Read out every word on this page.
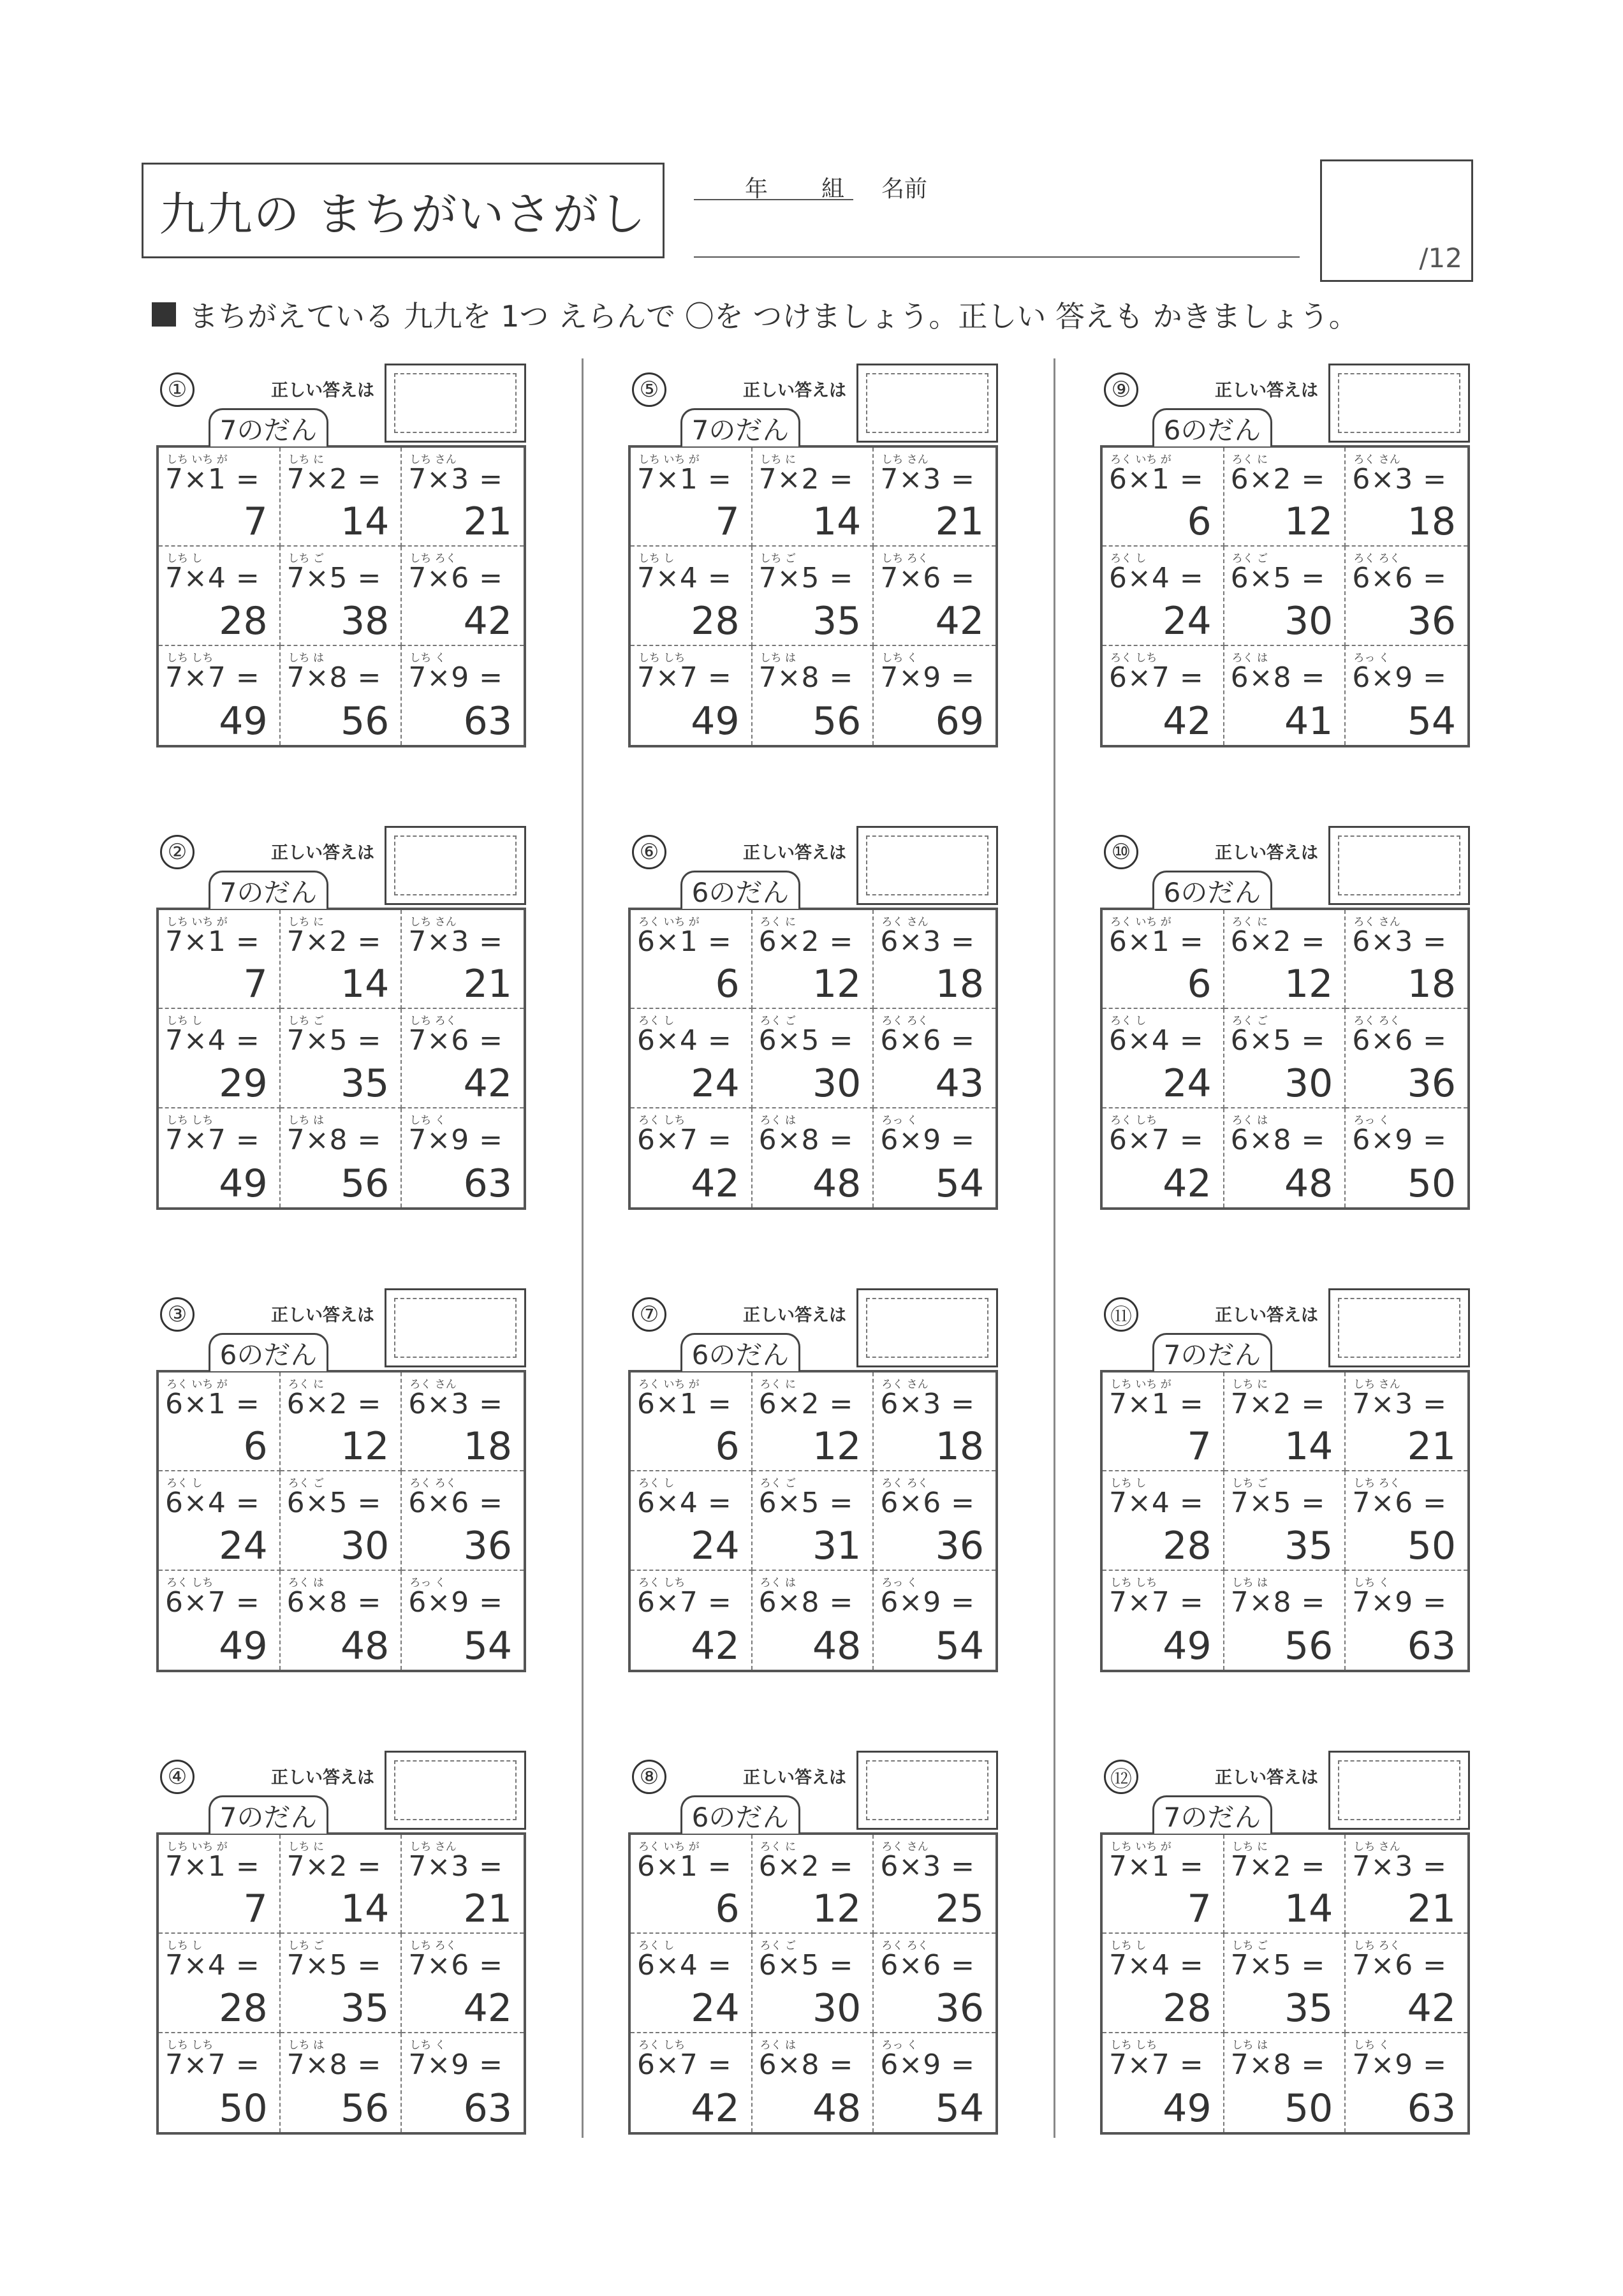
九九の まちがいさがし	年 組 名前
/12
まちがえている 九九を 1つ えらんで 〇を つけましょう。正しい 答えも かきましょう。
①	正しい答えは
7のだん
しち いち が
7×1 =
7
しち に
7×2 =
14
しち さん
7×3 =
21
しち し
7×4 =
28
しち ご
7×5 =
38
しち ろく
7×6 =
42
しち しち
7×7 =
49
しち は
7×8 =
56
しち く
7×9 =
63
②	正しい答えは
7のだん
しち いち が
7×1 =
7
しち に
7×2 =
14
しち さん
7×3 =
21
しち し
7×4 =
29
しち ご
7×5 =
35
しち ろく
7×6 =
42
しち しち
7×7 =
49
しち は
7×8 =
56
しち く
7×9 =
63
③	正しい答えは
6のだん
ろく いち が
6×1 =
6
ろく に
6×2 =
12
ろく さん
6×3 =
18
ろく し
6×4 =
24
ろく ご
6×5 =
30
ろく ろく
6×6 =
36
ろく しち
6×7 =
49
ろく は
6×8 =
48
ろっ く
6×9 =
54
④	正しい答えは
7のだん
しち いち が
7×1 =
7
しち に
7×2 =
14
しち さん
7×3 =
21
しち し
7×4 =
28
しち ご
7×5 =
35
しち ろく
7×6 =
42
しち しち
7×7 =
50
しち は
7×8 =
56
しち く
7×9 =
63
⑤	正しい答えは
7のだん
しち いち が
7×1 =
7
しち に
7×2 =
14
しち さん
7×3 =
21
しち し
7×4 =
28
しち ご
7×5 =
35
しち ろく
7×6 =
42
しち しち
7×7 =
49
しち は
7×8 =
56
しち く
7×9 =
69
⑥	正しい答えは
6のだん
ろく いち が
6×1 =
6
ろく に
6×2 =
12
ろく さん
6×3 =
18
ろく し
6×4 =
24
ろく ご
6×5 =
30
ろく ろく
6×6 =
43
ろく しち
6×7 =
42
ろく は
6×8 =
48
ろっ く
6×9 =
54
⑦	正しい答えは
6のだん
ろく いち が
6×1 =
6
ろく に
6×2 =
12
ろく さん
6×3 =
18
ろく し
6×4 =
24
ろく ご
6×5 =
31
ろく ろく
6×6 =
36
ろく しち
6×7 =
42
ろく は
6×8 =
48
ろっ く
6×9 =
54
⑧	正しい答えは
6のだん
ろく いち が
6×1 =
6
ろく に
6×2 =
12
ろく さん
6×3 =
25
ろく し
6×4 =
24
ろく ご
6×5 =
30
ろく ろく
6×6 =
36
ろく しち
6×7 =
42
ろく は
6×8 =
48
ろっ く
6×9 =
54
⑨	正しい答えは
6のだん
ろく いち が
6×1 =
6
ろく に
6×2 =
12
ろく さん
6×3 =
18
ろく し
6×4 =
24
ろく ご
6×5 =
30
ろく ろく
6×6 =
36
ろく しち
6×7 =
42
ろく は
6×8 =
41
ろっ く
6×9 =
54
⑩	正しい答えは
6のだん
ろく いち が
6×1 =
6
ろく に
6×2 =
12
ろく さん
6×3 =
18
ろく し
6×4 =
24
ろく ご
6×5 =
30
ろく ろく
6×6 =
36
ろく しち
6×7 =
42
ろく は
6×8 =
48
ろっ く
6×9 =
50
⑪	正しい答えは
7のだん
しち いち が
7×1 =
7
しち に
7×2 =
14
しち さん
7×3 =
21
しち し
7×4 =
28
しち ご
7×5 =
35
しち ろく
7×6 =
50
しち しち
7×7 =
49
しち は
7×8 =
56
しち く
7×9 =
63
⑫	正しい答えは
7のだん
しち いち が
7×1 =
7
しち に
7×2 =
14
しち さん
7×3 =
21
しち し
7×4 =
28
しち ご
7×5 =
35
しち ろく
7×6 =
42
しち しち
7×7 =
49
しち は
7×8 =
50
しち く
7×9 =
63
